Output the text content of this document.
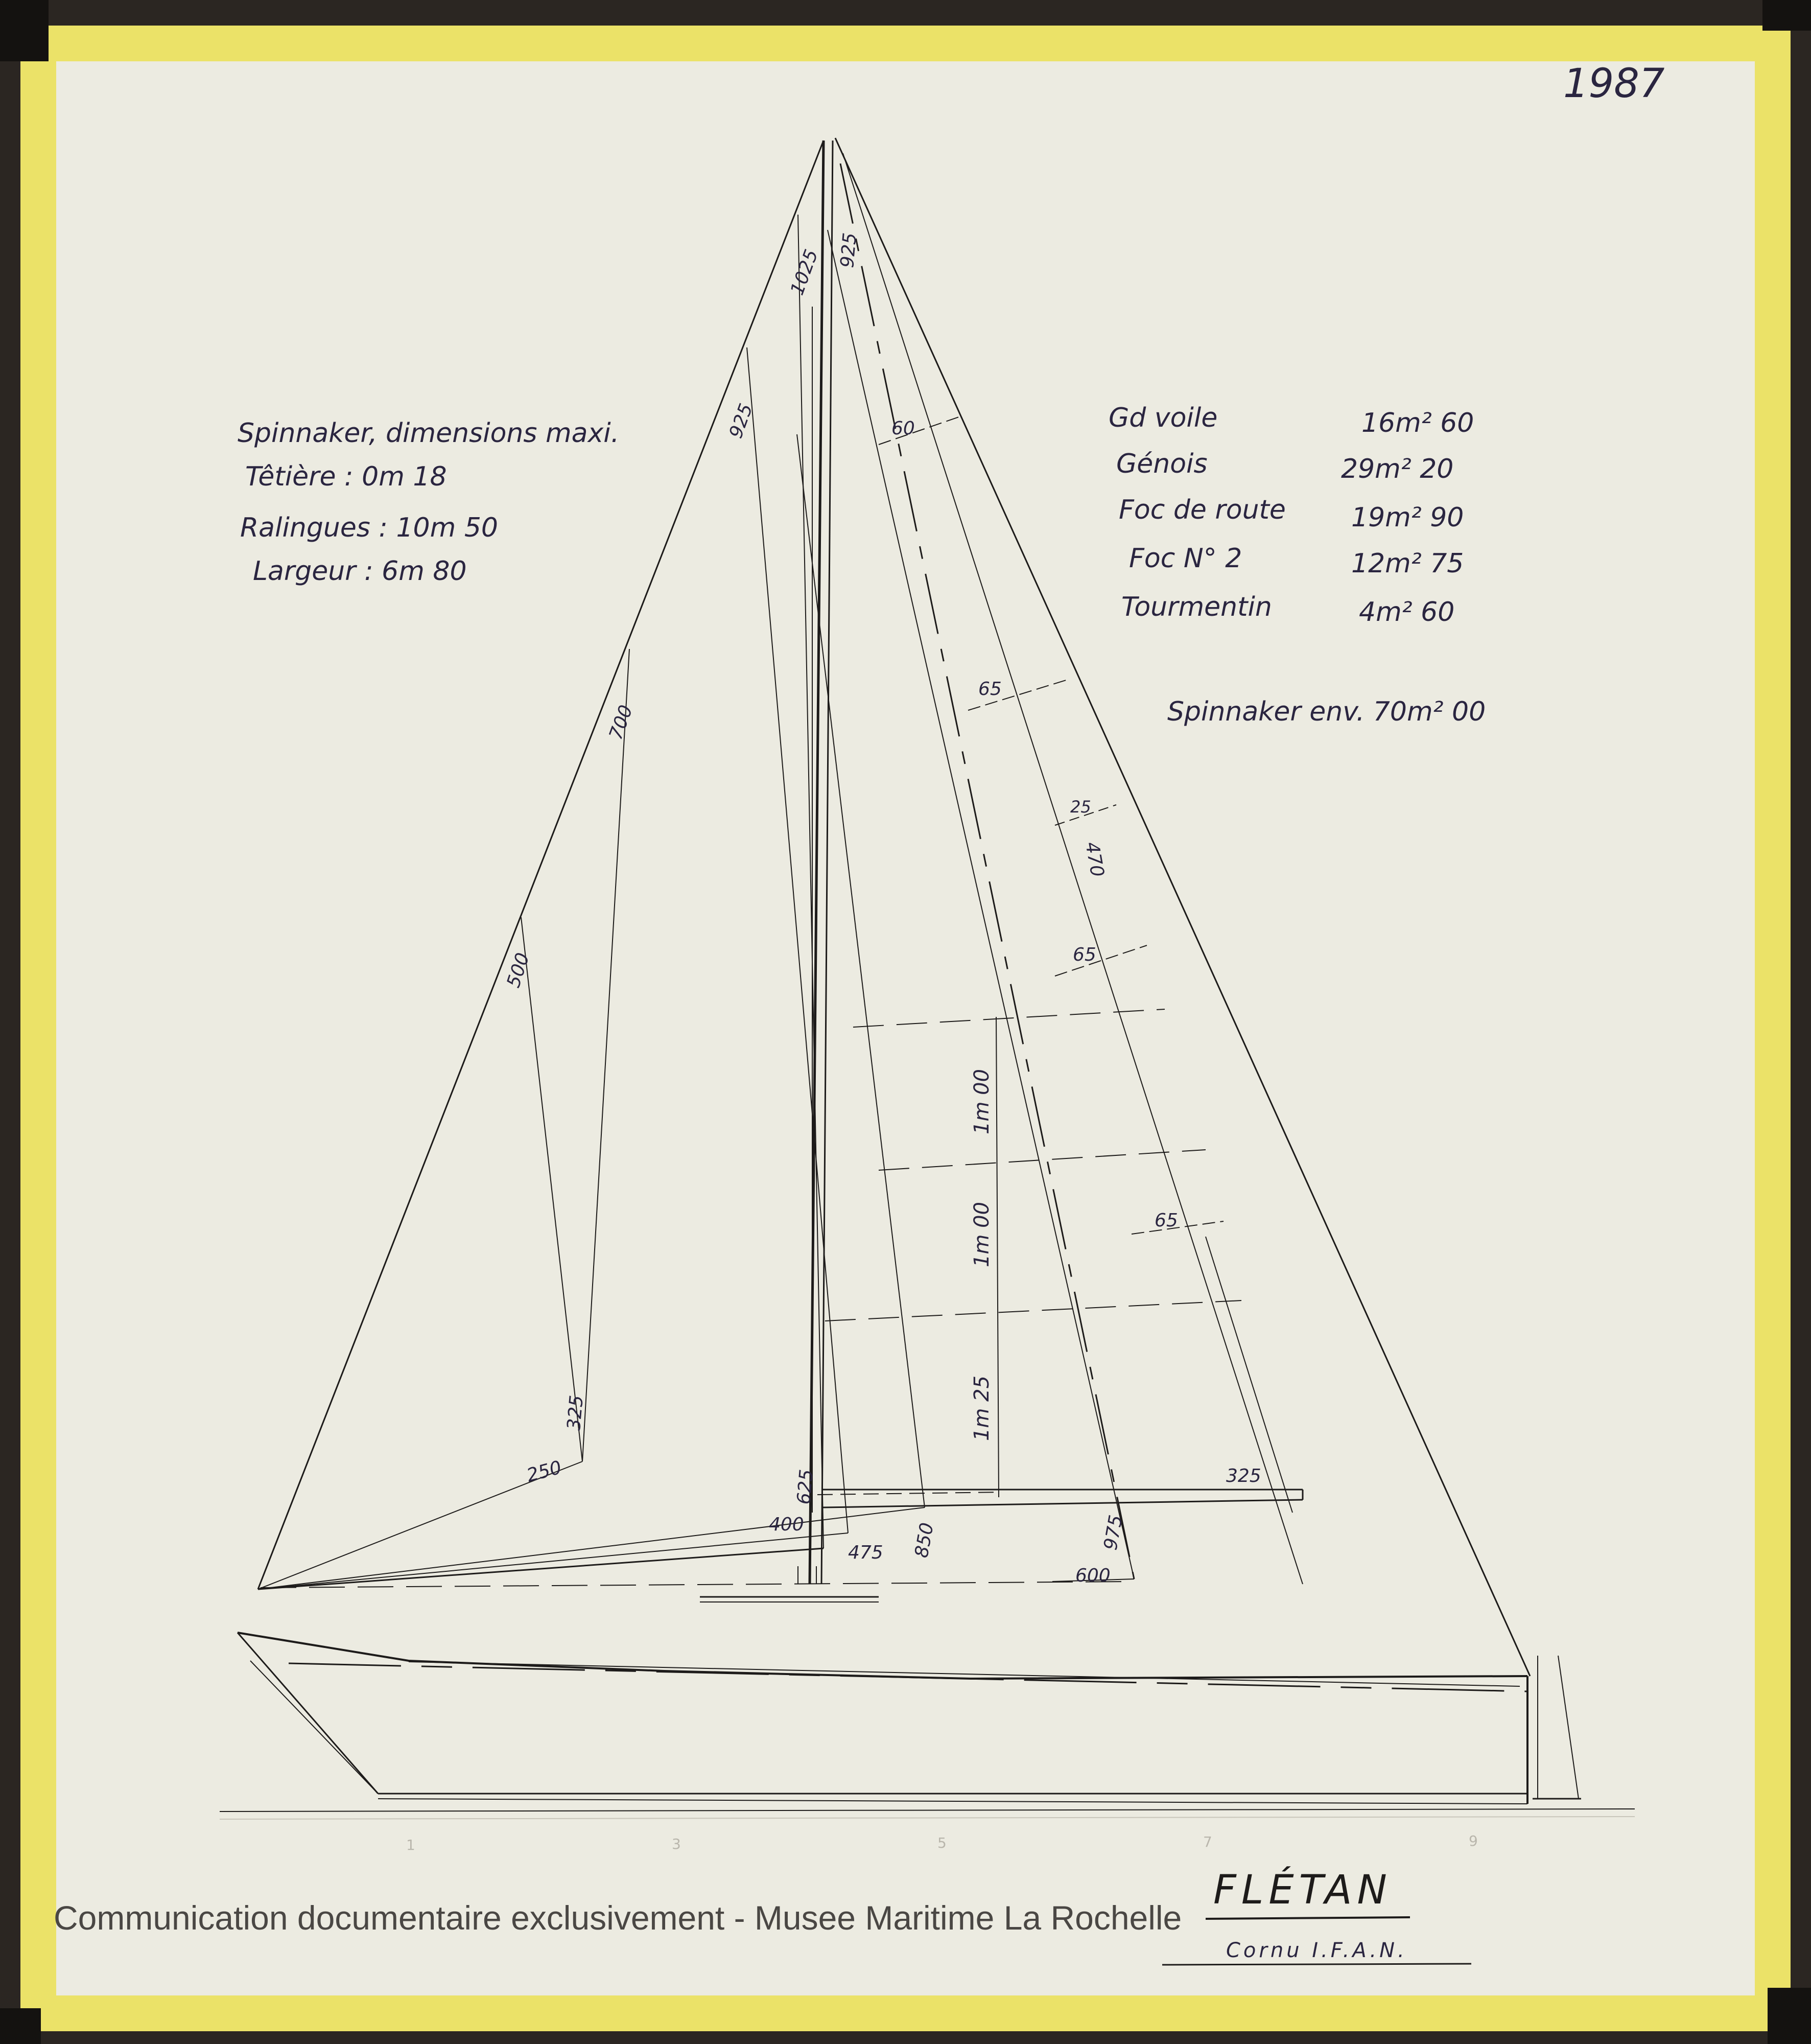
1987
1	3	5	7	9
Spinnaker, dimensions maxi.
Têtière : 0m 18
Ralingues : 10m 50
Largeur : 6m 80
Gd voile	16m² 60
Génois	29m² 20
Foc de route 19m² 90
Foc N° 2	12m² 75
Tourmentin	4m² 60
Spinnaker env. 70m² 00
1025 925
925
700
500
325
250
400
625
475 850	975
600
60
65
25
470
65
65
325
1m 00
1m 00
1m 25
FLÉTAN
Cornu I.F.A.N.
Communication documentaire exclusivement - Musee Maritime La Rochelle
